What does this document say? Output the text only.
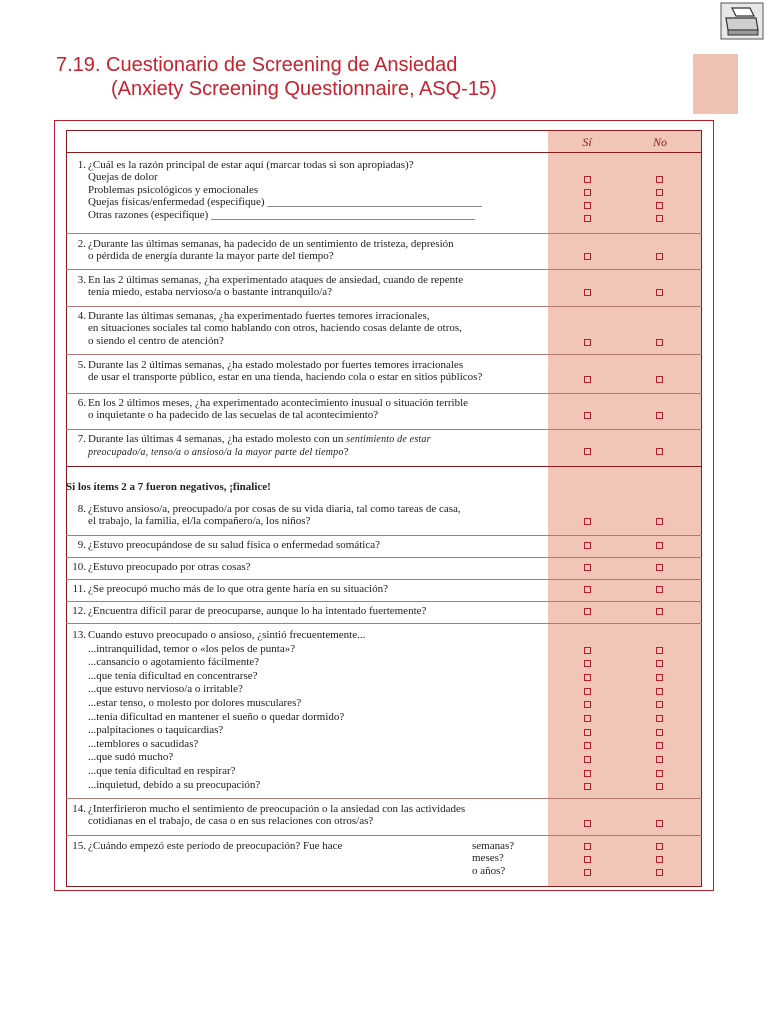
7.19. Cuestionario de Screening de Ansiedad
(Anxiety Screening Questionnaire, ASQ-15)
Sí	No
1. ¿Cuál es la razón principal de estar aquí (marcar todas si son apropiadas)?
Quejas de dolor
Problemas psicológicos y emocionales
Quejas físicas/enfermedad (especifique) _______________________________________
Otras razones (especifique) ________________________________________________
2. ¿Durante las últimas semanas, ha padecido de un sentimiento de tristeza, depresión
o pérdida de energía durante la mayor parte del tiempo?
3. En las 2 últimas semanas, ¿ha experimentado ataques de ansiedad, cuando de repente
tenía miedo, estaba nervioso/a o bastante intranquilo/a?
4. Durante las últimas semanas, ¿ha experimentado fuertes temores irracionales,
en situaciones sociales tal como hablando con otros, haciendo cosas delante de otros,
o siendo el centro de atención?
5. Durante las 2 últimas semanas, ¿ha estado molestado por fuertes temores irracionales
de usar el transporte público, estar en una tienda, haciendo cola o estar en sitios públicos?
6. En los 2 últimos meses, ¿ha experimentado acontecimiento inusual o situación terrible
o inquietante o ha padecido de las secuelas de tal acontecimiento?
7. Durante las últimas 4 semanas, ¿ha estado molesto con un sentimiento de estar
preocupado/a, tenso/a o ansioso/a la mayor parte del tiempo?
Si los ítems 2 a 7 fueron negativos, ¡finalice!
8. ¿Estuvo ansioso/a, preocupado/a por cosas de su vida diaria, tal como tareas de casa,
el trabajo, la familia, el/la compañero/a, los niños?
9. ¿Estuvo preocupándose de su salud física o enfermedad somática?
10. ¿Estuvo preocupado por otras cosas?
11. ¿Se preocupó mucho más de lo que otra gente haría en su situación?
12. ¿Encuentra difícil parar de preocuparse, aunque lo ha intentado fuertemente?
13. Cuando estuvo preocupado o ansioso, ¿sintió frecuentemente...
...intranquilidad, temor o «los pelos de punta»?
...cansancio o agotamiento fácilmente?
...que tenía dificultad en concentrarse?
...que estuvo nervioso/a o irritable?
...estar tenso, o molesto por dolores musculares?
...tenía dificultad en mantener el sueño o quedar dormido?
...palpitaciones o taquicardias?
...temblores o sacudidas?
...que sudó mucho?
...que tenía dificultad en respirar?
...inquietud, debido a su preocupación?
14. ¿Interfirieron mucho el sentimiento de preocupación o la ansiedad con las actividades
cotidianas en el trabajo, de casa o en sus relaciones con otros/as?
15. ¿Cuándo empezó este período de preocupación? Fue hace	semanas?
meses?
o años?
